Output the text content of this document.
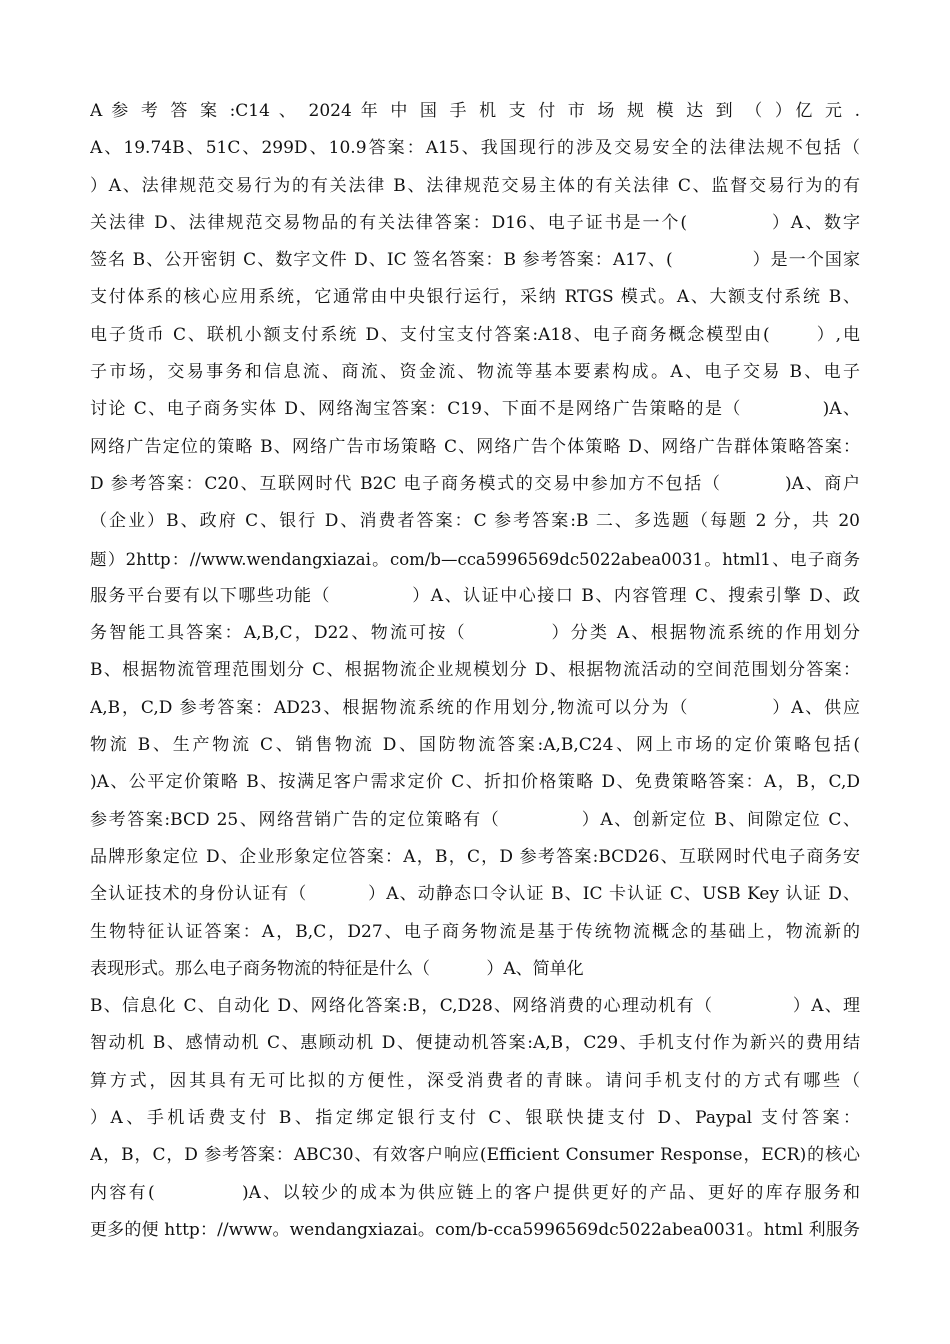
A 参 考 答 案 :C14 、 2024 年 中 国 手 机 支 付 市 场 规 模 达 到 （ ）亿 元 .
A、19.74B、51C、299D、10.9答案：A15、我国现行的涉及交易安全的法律法规不包括（
）A、法律规范交易行为的有关法律 B、法律规范交易主体的有关法律 C、监督交易行为的有
关法律 D、法律规范交易物品的有关法律答案：D16、电子证书是一个(　　　　 ）A、数字
签名 B、公开密钥 C、数字文件 D、IC 签名答案：B 参考答案：A17、(　　　　 ）是一个国家
支付体系的核心应用系统，它通常由中央银行运行，采纳 RTGS 模式。A、大额支付系统 B、
电子货币 C、联机小额支付系统 D、支付宝支付答案:A18、电子商务概念模型由(　　 ）,电
子市场，交易事务和信息流、商流、资金流、物流等基本要素构成。A、电子交易 B、电子
讨论 C、电子商务实体 D、网络淘宝答案：C19、下面不是网络广告策略的是（　　　　 )A、
网络广告定位的策略 B、网络广告市场策略 C、网络广告个体策略 D、网络广告群体策略答案：
D 参考答案：C20、互联网时代 B2C 电子商务模式的交易中参加方不包括（　　　 )A、商户
（企业）B、政府 C、银行 D、消费者答案：C 参考答案:B 二、多选题（每题 2 分，共 20
题）2http：//www.wendangxiazai。com/b—cca5996569dc5022abea0031。html1、电子商务
服务平台要有以下哪些功能（　　　　 ）A、认证中心接口 B、内容管理 C、搜索引擎 D、政
务智能工具答案：A,B,C，D22、物流可按（　　　　 ）分类 A、根据物流系统的作用划分
B、根据物流管理范围划分 C、根据物流企业规模划分 D、根据物流活动的空间范围划分答案：
A,B，C,D 参考答案：AD23、根据物流系统的作用划分,物流可以分为（　　　　 ）A、供应
物流 B、生产物流 C、销售物流 D、国防物流答案:A,B,C24、网上市场的定价策略包括(
)A、公平定价策略 B、按满足客户需求定价 C、折扣价格策略 D、免费策略答案：A，B，C,D
参考答案:BCD 25、网络营销广告的定位策略有（　　　　 ）A、创新定位 B、间隙定位 C、
品牌形象定位 D、企业形象定位答案：A，B，C，D 参考答案:BCD26、互联网时代电子商务安
全认证技术的身份认证有（　　　 ）A、动静态口令认证 B、IC 卡认证 C、USB Key 认证 D、
生物特征认证答案：A，B,C，D27、电子商务物流是基于传统物流概念的基础上，物流新的
表现形式。那么电子商务物流的特征是什么（　　　 ）A、简单化
B、信息化 C、自动化 D、网络化答案:B，C,D28、网络消费的心理动机有（　　　　 ）A、理
智动机 B、感情动机 C、惠顾动机 D、便捷动机答案:A,B，C29、手机支付作为新兴的费用结
算方式，因其具有无可比拟的方便性，深受消费者的青睐。请问手机支付的方式有哪些（
）A、手机话费支付 B、指定绑定银行支付 C、银联快捷支付 D、Paypal 支付答案：
A，B，C，D 参考答案：ABC30、有效客户响应(Efficient Consumer Response，ECR)的核心
内容有(　　　　 )A、以较少的成本为供应链上的客户提供更好的产品、更好的库存服务和
更多的便 http：//www。wendangxiazai。com/b-cca5996569dc5022abea0031。html 利服务
